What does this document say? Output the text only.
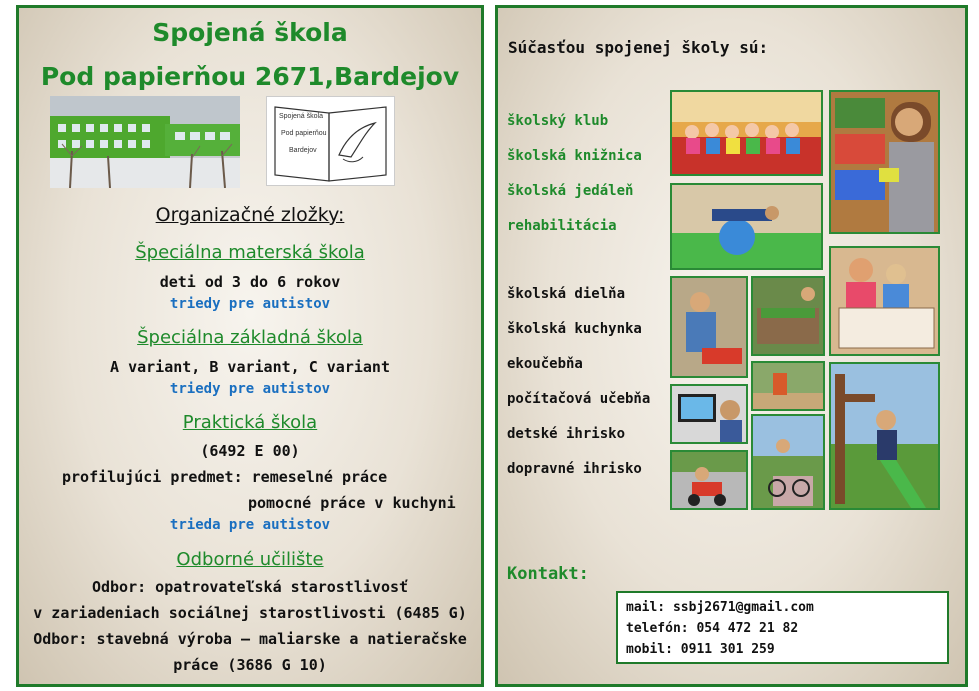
Spojená škola
Pod papierňou 2671,Bardejov
Spojená škola
Pod papierňou
Bardejov
Organizačné zložky:
Špeciálna materská škola
deti od 3 do 6 rokov
triedy pre autistov
Špeciálna základná škola
A variant, B variant, C variant
triedy pre autistov
Praktická škola
(6492 E 00)
profilujúci predmet: remeselné práce
pomocné práce v kuchyni
trieda pre autistov
Odborné učilište
Odbor: opatrovateľská starostlivosť
v zariadeniach sociálnej starostlivosti (6485 G)
Odbor: stavebná výroba – maliarske a natieračske
práce (3686 G 10)
Súčasťou spojenej školy sú:
školský klub
školská knižnica
školská jedáleň
rehabilitácia
školská dielňa
školská kuchynka
ekoučebňa
počítačová učebňa
detské ihrisko
dopravné ihrisko
Kontakt:
mail: ssbj2671@gmail.com
telefón: 054 472 21 82
mobil: 0911 301 259
